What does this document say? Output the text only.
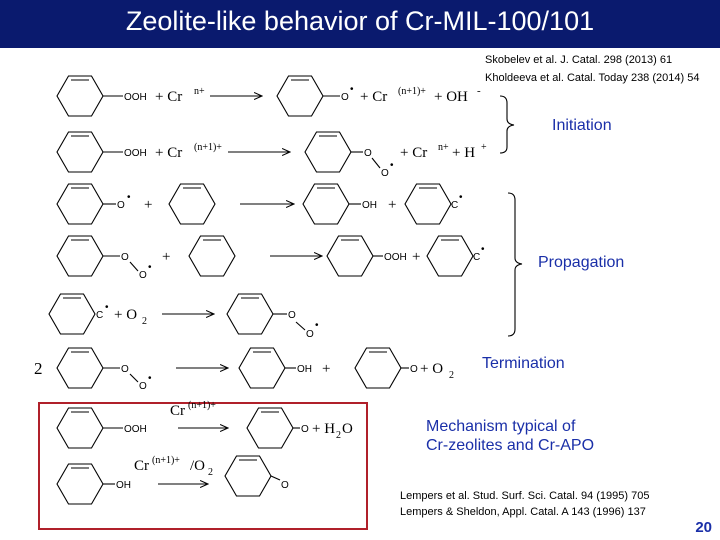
Zeolite-like behavior of Cr-MIL-100/101
Skobelev et al. J. Catal. 298 (2013) 61
Kholdeeva et al. Catal. Today 238 (2014) 54
Initiation
Propagation
Termination
Mechanism typical of
Cr-zeolites and Cr-APO
Lempers et al. Stud. Surf. Sci. Catal. 94 (1995) 705
Lempers & Sheldon, Appl. Catal. A 143 (1996) 137
20
OOH + Cr n+
O
• + Cr (n+1)+ + OH -
OOH + Cr (n+1)+
O
O
•
+ Cr n+ + H +
O
• +	OH +	C
•
O
O
•
+	OOH +	C
•
C
• + O 2
O
O
•
2	O
O
•
OH +	O + O 2
OOH
Cr (n+1)+
O + H 2 O
OH
Cr (n+1)+ /O 2
O
